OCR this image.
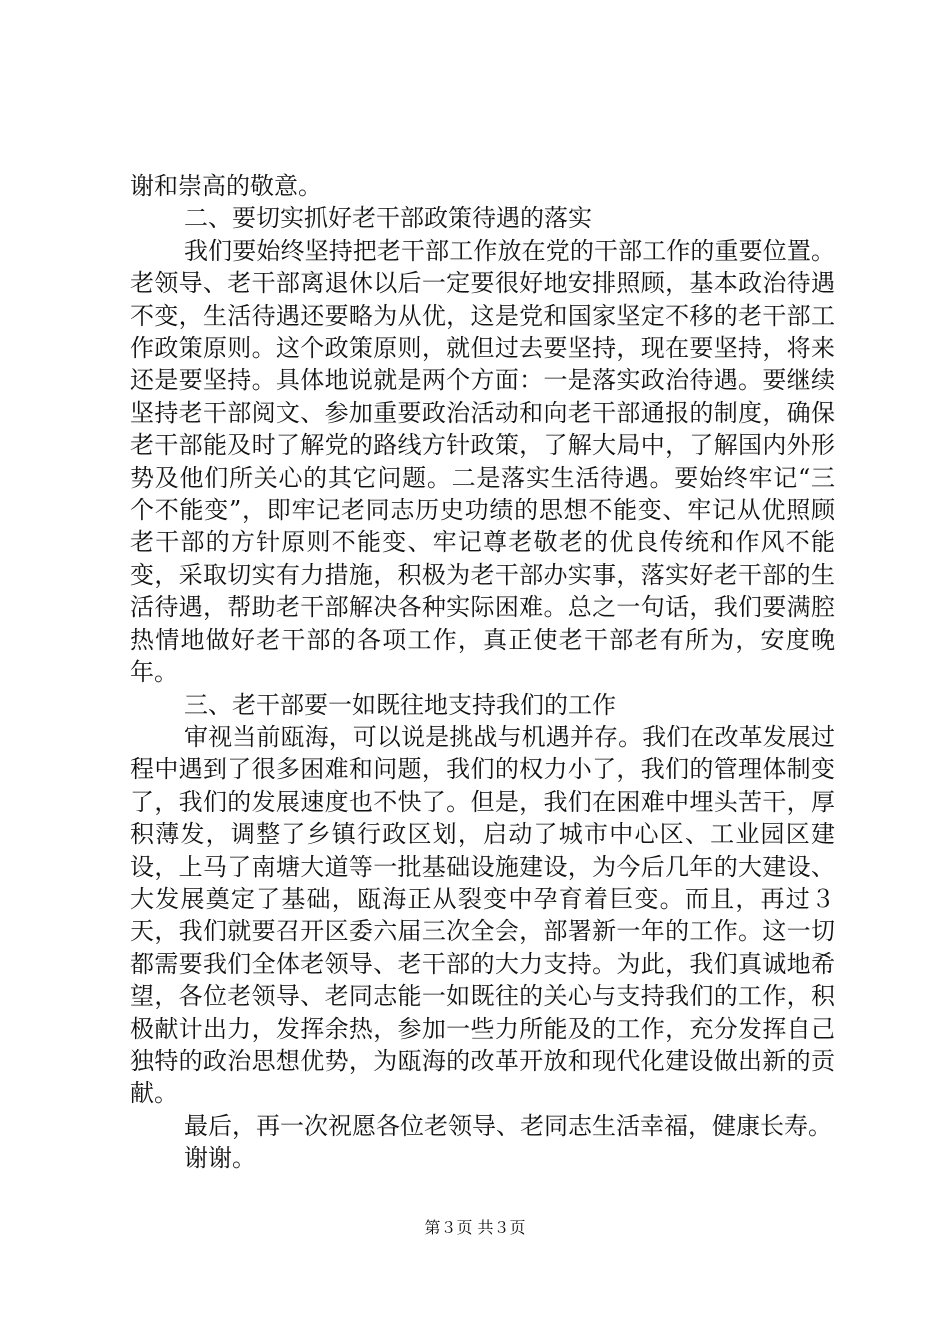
谢和崇高的敬意。

二、要切实抓好老干部政策待遇的落实

我们要始终坚持把老干部工作放在党的干部工作的重要位置。老领导、老干部离退休以后一定要很好地安排照顾，基本政治待遇不变，生活待遇还要略为从优，这是党和国家坚定不移的老干部工作政策原则。这个政策原则，就但过去要坚持，现在要坚持，将来还是要坚持。具体地说就是两个方面：一是落实政治待遇。要继续坚持老干部阅文、参加重要政治活动和向老干部通报的制度，确保老干部能及时了解党的路线方针政策，了解大局中，了解国内外形势及他们所关心的其它问题。二是落实生活待遇。要始终牢记“三个不能变”，即牢记老同志历史功绩的思想不能变、牢记从优照顾老干部的方针原则不能变、牢记尊老敬老的优良传统和作风不能变，采取切实有力措施，积极为老干部办实事，落实好老干部的生活待遇，帮助老干部解决各种实际困难。总之一句话，我们要满腔热情地做好老干部的各项工作，真正使老干部老有所为，安度晚年。

三、老干部要一如既往地支持我们的工作

审视当前瓯海，可以说是挑战与机遇并存。我们在改革发展过程中遇到了很多困难和问题，我们的权力小了，我们的管理体制变了，我们的发展速度也不快了。但是，我们在困难中埋头苦干，厚积薄发，调整了乡镇行政区划，启动了城市中心区、工业园区建设，上马了南塘大道等一批基础设施建设，为今后几年的大建设、大发展奠定了基础，瓯海正从裂变中孕育着巨变。而且，再过３天，我们就要召开区委六届三次全会，部署新一年的工作。这一切都需要我们全体老领导、老干部的大力支持。为此，我们真诚地希望，各位老领导、老同志能一如既往的关心与支持我们的工作，积极献计出力，发挥余热，参加一些力所能及的工作，充分发挥自己独特的政治思想优势，为瓯海的改革开放和现代化建设做出新的贡献。

最后，再一次祝愿各位老领导、老同志生活幸福，健康长寿。

谢谢。

第３页 共３页
